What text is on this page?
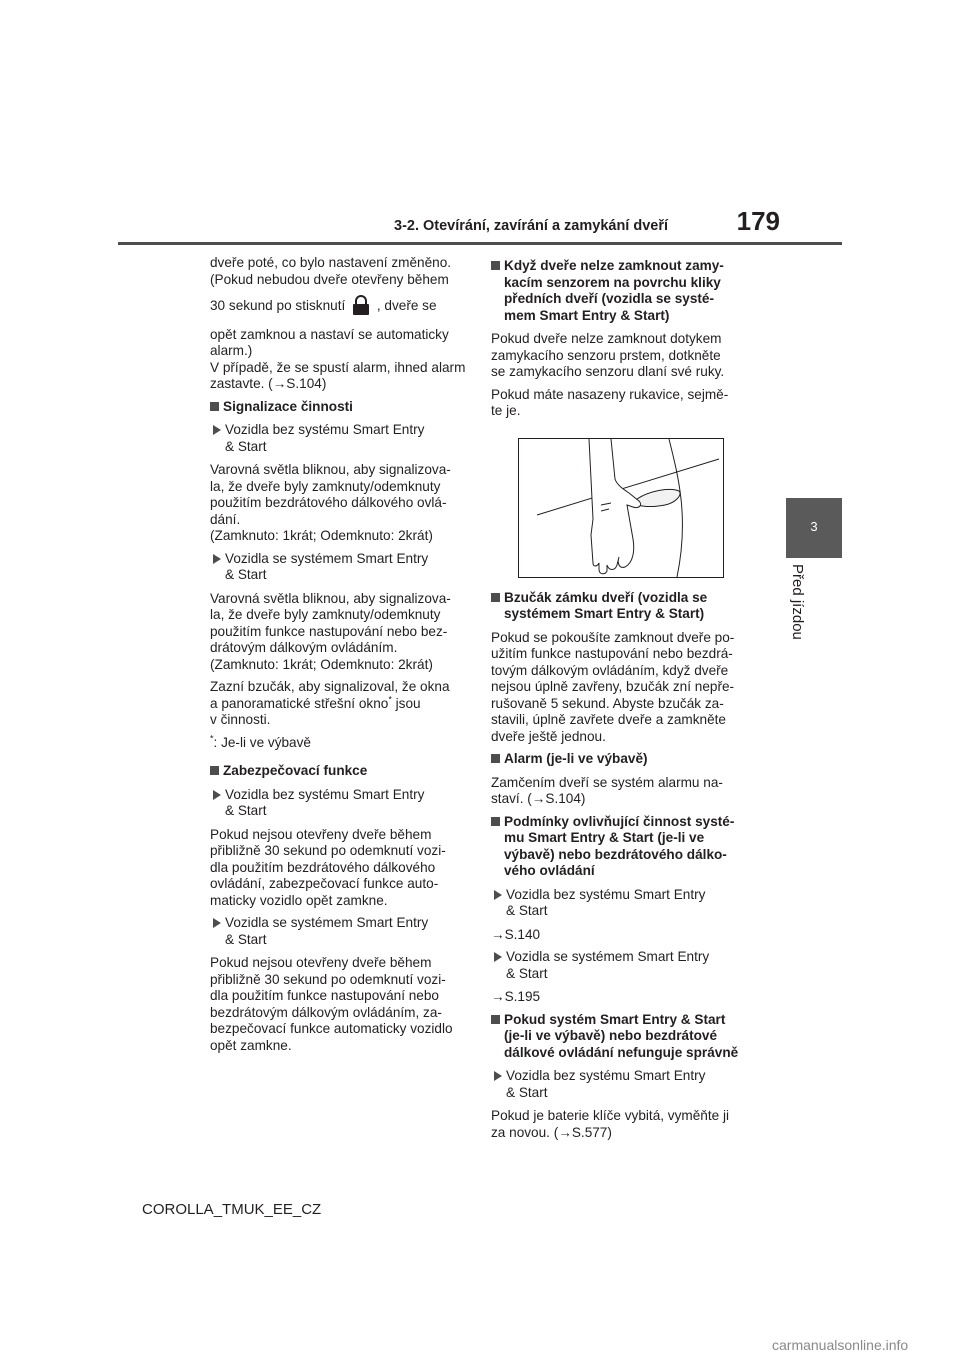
3-2. Otevírání, zavírání a zamykání dveří	179
3
Před jízdou
dveře poté, co bylo nastavení změněno.
(Pokud nebudou dveře otevřeny během
30 sekund po stisknutí , dveře se
opět zamknou a nastaví se automaticky alarm.)
V případě, že se spustí alarm, ihned alarm zastavte. (→S.104)
Signalizace činnosti
Vozidla bez systému Smart Entry
& Start
Varovná světla bliknou, aby signalizova-
la, že dveře byly zamknuty/odemknuty
použitím bezdrátového dálkového ovlá-
dání.
(Zamknuto: 1krát; Odemknuto: 2krát)
Vozidla se systémem Smart Entry
& Start
Varovná světla bliknou, aby signalizova-
la, že dveře byly zamknuty/odemknuty
použitím funkce nastupování nebo bez-
drátovým dálkovým ovládáním.
(Zamknuto: 1krát; Odemknuto: 2krát)
Zazní bzučák, aby signalizoval, že okna
a panoramatické střešní okno* jsou
v činnosti.
*: Je-li ve výbavě
Zabezpečovací funkce
Vozidla bez systému Smart Entry
& Start
Pokud nejsou otevřeny dveře během
přibližně 30 sekund po odemknutí vozi-
dla použitím bezdrátového dálkového
ovládání, zabezpečovací funkce auto-
maticky vozidlo opět zamkne.
Vozidla se systémem Smart Entry
& Start
Pokud nejsou otevřeny dveře během
přibližně 30 sekund po odemknutí vozi-
dla použitím funkce nastupování nebo
bezdrátovým dálkovým ovládáním, za-
bezpečovací funkce automaticky vozidlo
opět zamkne.
Když dveře nelze zamknout zamy-
kacím senzorem na povrchu kliky
předních dveří (vozidla se systé-
mem Smart Entry & Start)
Pokud dveře nelze zamknout dotykem
zamykacího senzoru prstem, dotkněte
se zamykacího senzoru dlaní své ruky.
Pokud máte nasazeny rukavice, sejmě-
te je.
Bzučák zámku dveří (vozidla se
systémem Smart Entry & Start)
Pokud se pokoušíte zamknout dveře po-
užitím funkce nastupování nebo bezdrá-
tovým dálkovým ovládáním, když dveře
nejsou úplně zavřeny, bzučák zní nepře-
rušovaně 5 sekund. Abyste bzučák za-
stavili, úplně zavřete dveře a zamkněte
dveře ještě jednou.
Alarm (je-li ve výbavě)
Zamčením dveří se systém alarmu na-
staví. (→S.104)
Podmínky ovlivňující činnost systé-
mu Smart Entry & Start (je-li ve
výbavě) nebo bezdrátového dálko-
vého ovládání
Vozidla bez systému Smart Entry
& Start
→S.140
Vozidla se systémem Smart Entry
& Start
→S.195
Pokud systém Smart Entry & Start
(je-li ve výbavě) nebo bezdrátové
dálkové ovládání nefunguje správně
Vozidla bez systému Smart Entry
& Start
Pokud je baterie klíče vybitá, vyměňte ji
za novou. (→S.577)
COROLLA_TMUK_EE_CZ
carmanualsonline.info
